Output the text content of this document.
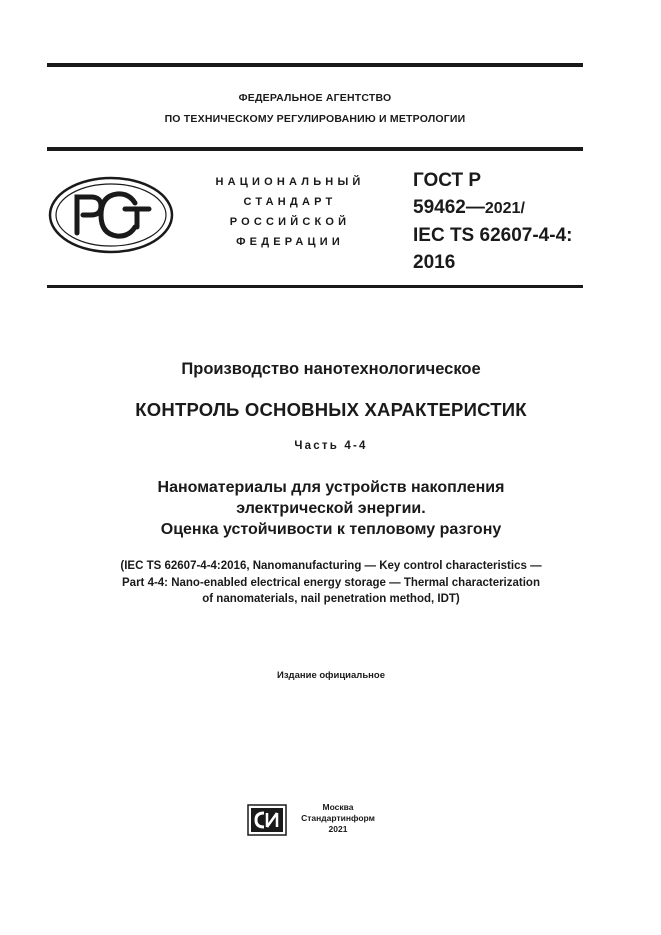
ФЕДЕРАЛЬНОЕ АГЕНТСТВО
ПО ТЕХНИЧЕСКОМУ РЕГУЛИРОВАНИЮ И МЕТРОЛОГИИ
НАЦИОНАЛЬНЫЙ
СТАНДАРТ
РОССИЙСКОЙ
ФЕДЕРАЦИИ
ГОСТ Р
59462—2021/
IEC TS 62607-4-4:
2016
Производство нанотехнологическое
КОНТРОЛЬ ОСНОВНЫХ ХАРАКТЕРИСТИК
Часть 4-4
Наноматериалы для устройств накопления
электрической энергии.
Оценка устойчивости к тепловому разгону
(IEC TS 62607-4-4:2016, Nanomanufacturing — Key control characteristics —
Part 4-4: Nano-enabled electrical energy storage — Thermal characterization
of nanomaterials, nail penetration method, IDT)
Издание официальное
Москва
Стандартинформ
2021
